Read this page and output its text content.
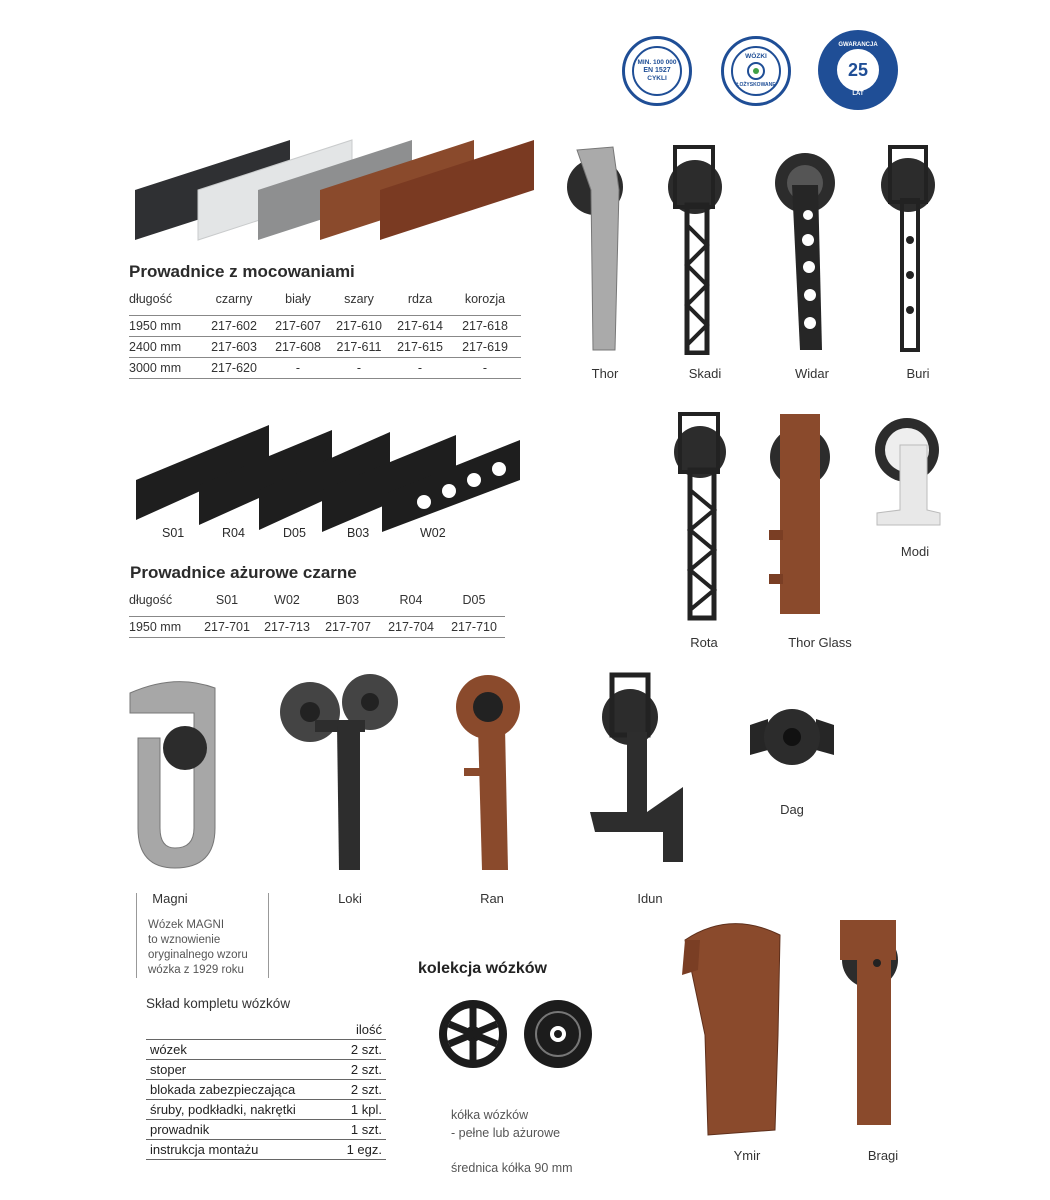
MIN. 100 000
EN 1527
CYKLI
WÓZKI
ŁOŻYSKOWANE
GWARANCJA
25
LAT
Prowadnice z mocowaniami
długość	czarny	biały	szary	rdza	korozja
1950 mm	217-602	217-607	217-610	217-614	217-618
2400 mm	217-603	217-608	217-611	217-615	217-619
3000 mm	217-620	-	-	-	-
S01	R04	D05	B03	W02
Prowadnice ażurowe czarne
długość	S01	W02	B03	R04	D05
1950 mm	217-701	217-713	217-707	217-704	217-710
Thor	Skadi	Widar	Buri
Rota	Thor Glass
Modi
Magni	Loki	Ran	Idun
Dag
Wózek MAGNI
to wznowienie
oryginalnego wzoru
wózka z 1929 roku
Skład kompletu wózków
	ilość
wózek	2 szt.
stoper	2 szt.
blokada zabezpieczająca	2 szt.
śruby, podkładki, nakrętki	1 kpl.
prowadnik	1 szt.
instrukcja montażu	1 egz.
kolekcja wózków
kółka wózków
- pełne lub ażurowe
średnica kółka 90 mm
Ymir	Bragi
